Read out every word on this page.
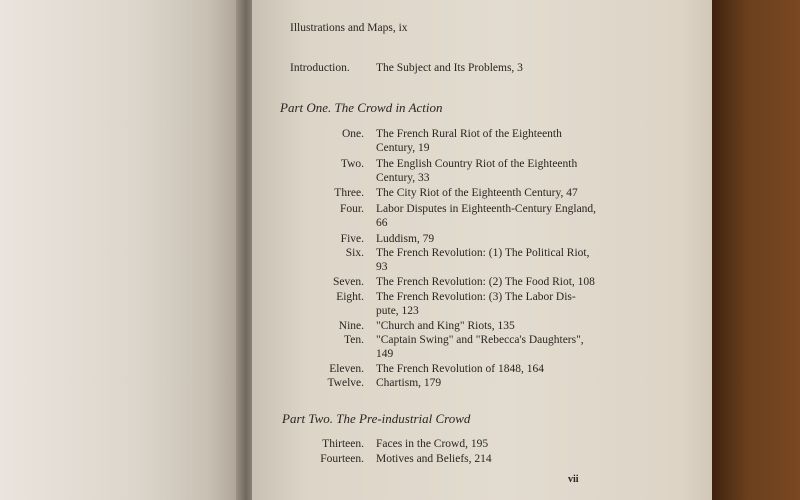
Illustrations and Maps, ix
Introduction. The Subject and Its Problems, 3
Part One. The Crowd in Action
One. The French Rural Riot of the Eighteenth
Century, 19
Two. The English Country Riot of the Eighteenth
Century, 33
Three. The City Riot of the Eighteenth Century, 47
Four. Labor Disputes in Eighteenth-Century England,
66
Five. Luddism, 79
Six. The French Revolution: (1) The Political Riot,
93
Seven. The French Revolution: (2) The Food Riot, 108
Eight. The French Revolution: (3) The Labor Dis-
pute, 123
Nine. "Church and King" Riots, 135
Ten. "Captain Swing" and "Rebecca's Daughters",
149
Eleven. The French Revolution of 1848, 164
Twelve. Chartism, 179
Part Two. The Pre-industrial Crowd
Thirteen. Faces in the Crowd, 195
Fourteen. Motives and Beliefs, 214
vii
